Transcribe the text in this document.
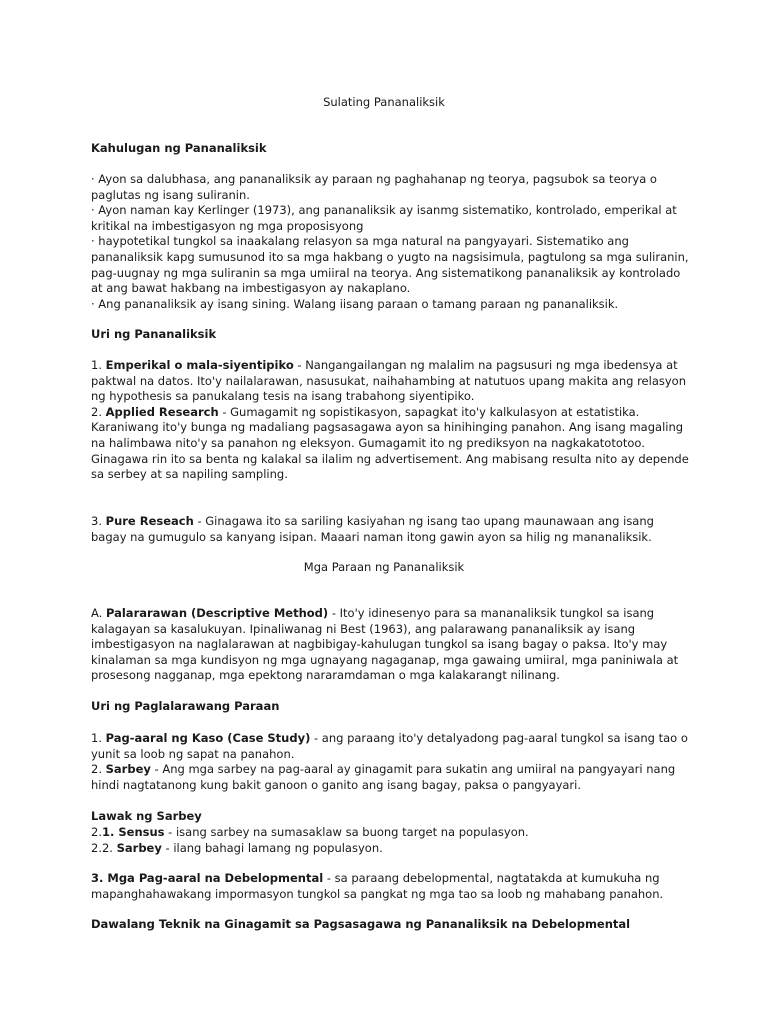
Sulating Pananaliksik
Kahulugan ng Pananaliksik

· Ayon sa dalubhasa, ang pananaliksik ay paraan ng paghahanap ng teorya, pagsubok sa teorya o paglutas ng isang suliranin.

· Ayon naman kay Kerlinger (1973), ang pananaliksik ay isanmg sistematiko, kontrolado, emperikal at kritikal na imbestigasyon ng mga proposisyong

· haypotetikal tungkol sa inaakalang relasyon sa mga natural na pangyayari. Sistematiko ang pananaliksik kapg sumusunod ito sa mga hakbang o yugto na nagsisimula, pagtulong sa mga suliranin, pag-uugnay ng mga suliranin sa mga umiiral na teorya. Ang sistematikong pananaliksik ay kontrolado at ang bawat hakbang na imbestigasyon ay nakaplano.

· Ang pananaliksik ay isang sining. Walang iisang paraan o tamang paraan ng pananaliksik.

Uri ng Pananaliksik

1. Emperikal o mala-siyentipiko - Nangangailangan ng malalim na pagsusuri ng mga ibedensya at paktwal na datos. Ito'y nailalarawan, nasusukat, naihahambing at natutuos upang makita ang relasyon ng hypothesis sa panukalang tesis na isang trabahong siyentipiko.

2. Applied Research - Gumagamit ng sopistikasyon, sapagkat ito'y kalkulasyon at estatistika. Karaniwang ito'y bunga ng madaliang pagsasagawa ayon sa hinihinging panahon. Ang isang magaling na halimbawa nito'y sa panahon ng eleksyon. Gumagamit ito ng prediksyon na nagkakatototoo. Ginagawa rin ito sa benta ng kalakal sa ilalim ng advertisement. Ang mabisang resulta nito ay depende sa serbey at sa napiling sampling.

3. Pure Reseach - Ginagawa ito sa sariling kasiyahan ng isang tao upang maunawaan ang isang bagay na gumugulo sa kanyang isipan. Maaari naman itong gawin ayon sa hilig ng mananaliksik.

Mga Paraan ng Pananaliksik

A. Palararawan (Descriptive Method) - Ito'y idinesenyo para sa mananaliksik tungkol sa isang kalagayan sa kasalukuyan. Ipinaliwanag ni Best (1963), ang palarawang pananaliksik ay isang imbestigasyon na naglalarawan at nagbibigay-kahulugan tungkol sa isang bagay o paksa. Ito'y may kinalaman sa mga kundisyon ng mga ugnayang nagaganap, mga gawaing umiiral, mga paniniwala at prosesong nagganap, mga epektong nararamdaman o mga kalakarangt nilinang.

Uri ng Paglalarawang Paraan

1. Pag-aaral ng Kaso (Case Study) - ang paraang ito'y detalyadong pag-aaral tungkol sa isang tao o yunit sa loob ng sapat na panahon.

2. Sarbey - Ang mga sarbey na pag-aaral ay ginagamit para sukatin ang umiiral na pangyayari nang hindi nagtatanong kung bakit ganoon o ganito ang isang bagay, paksa o pangyayari.

Lawak ng Sarbey

2.1. Sensus - isang sarbey na sumasaklaw sa buong target na populasyon.

2.2. Sarbey - ilang bahagi lamang ng populasyon.

3. Mga Pag-aaral na Debelopmental - sa paraang debelopmental, nagtatakda at kumukuha ng mapanghahawakang impormasyon tungkol sa pangkat ng mga tao sa loob ng mahabang panahon.

Dawalang Teknik na Ginagamit sa Pagsasagawa ng Pananaliksik na Debelopmental
